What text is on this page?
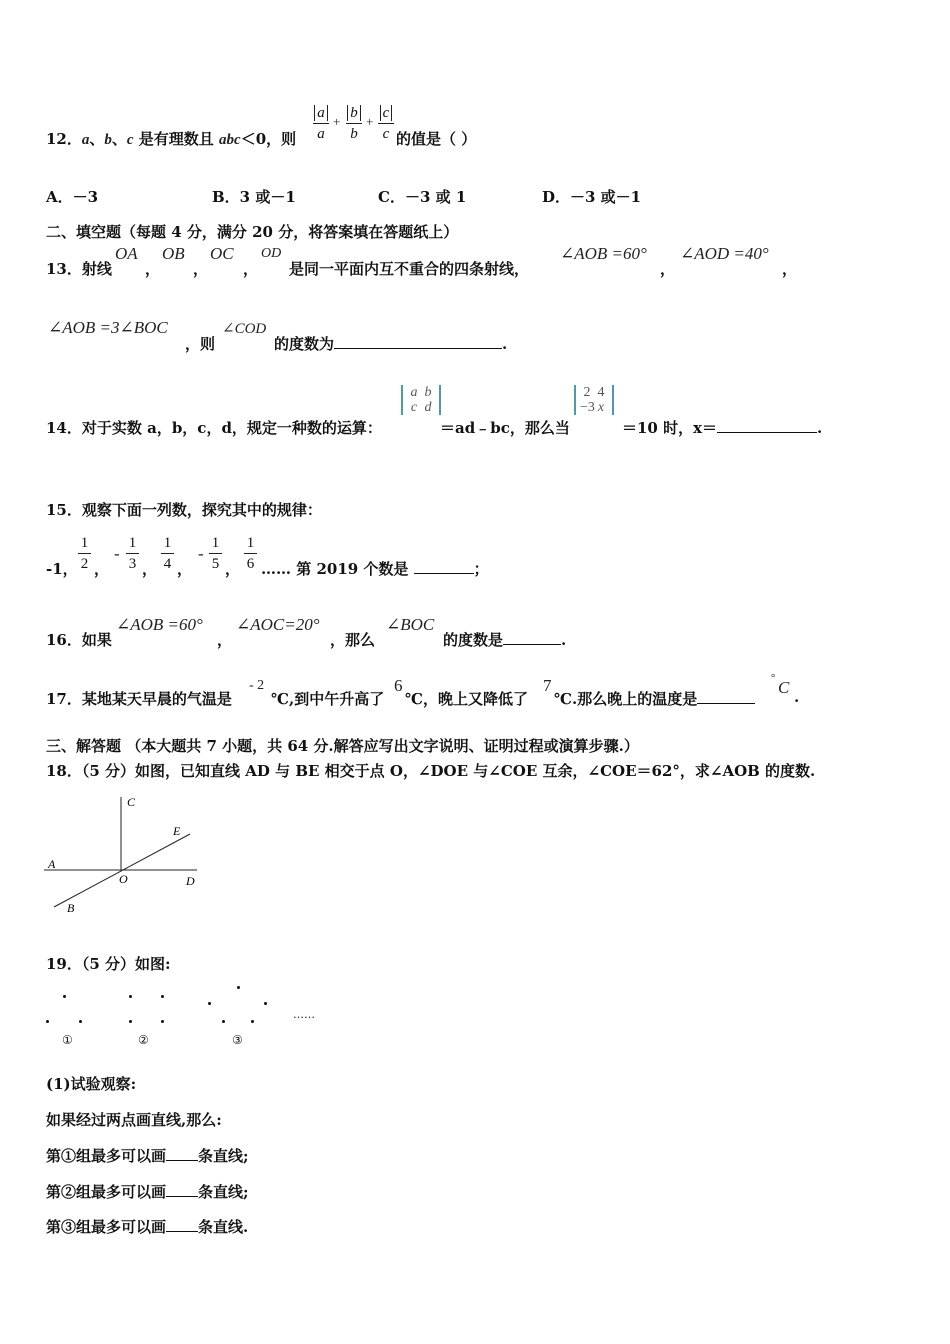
12．a、b、c 是有理数且 abc＜0，则
a
a
+
b
b
+
c
c 的值是（ ）
A．－3	B．3 或－1	C．－3 或 1	D．－3 或－1
二、填空题（每题 4 分，满分 20 分，将答案填在答题纸上）
13．射线
OA
，
OB
，
OC
，
OD
是同一平面内互不重合的四条射线，
∠AOB =60°
，
∠AOD =40°
，
∠AOB =3∠BOC
，则
∠COD
的度数为	.
14．对于实数 a，b，c，d，规定一种数的运算：
a b
c d
＝ad﹣bc，那么当
2 4
−3 x
＝10 时，x＝	.
15．观察下面一列数，探究其中的规律：
-1，
1
2 ，
-
1
3 ，
1
4 ，
-
1
5 ，
1
6 …… 第 2019 个数是	；
16．如果
∠AOB =60°
，
∠AOC=20°
，那么
∠BOC
的度数是	.
17．某地某天早晨的气温是
- 2
℃,到中午升高了
6
℃，晚上又降低了
7
℃.那么晚上的温度是
° C .
三、解答题 （本大题共 7 小题，共 64 分.解答应写出文字说明、证明过程或演算步骤.）
18．（5 分）如图，已知直线 AD 与 BE 相交于点 O，∠DOE 与∠COE 互余，∠COE＝62°，求∠AOB 的度数.
C
E
A
O	D
B
19．（5 分）如图:
……
①	②	③
(1)试验观察:
如果经过两点画直线,那么:
第①组最多可以画 条直线;
第②组最多可以画 条直线;
第③组最多可以画 条直线.
